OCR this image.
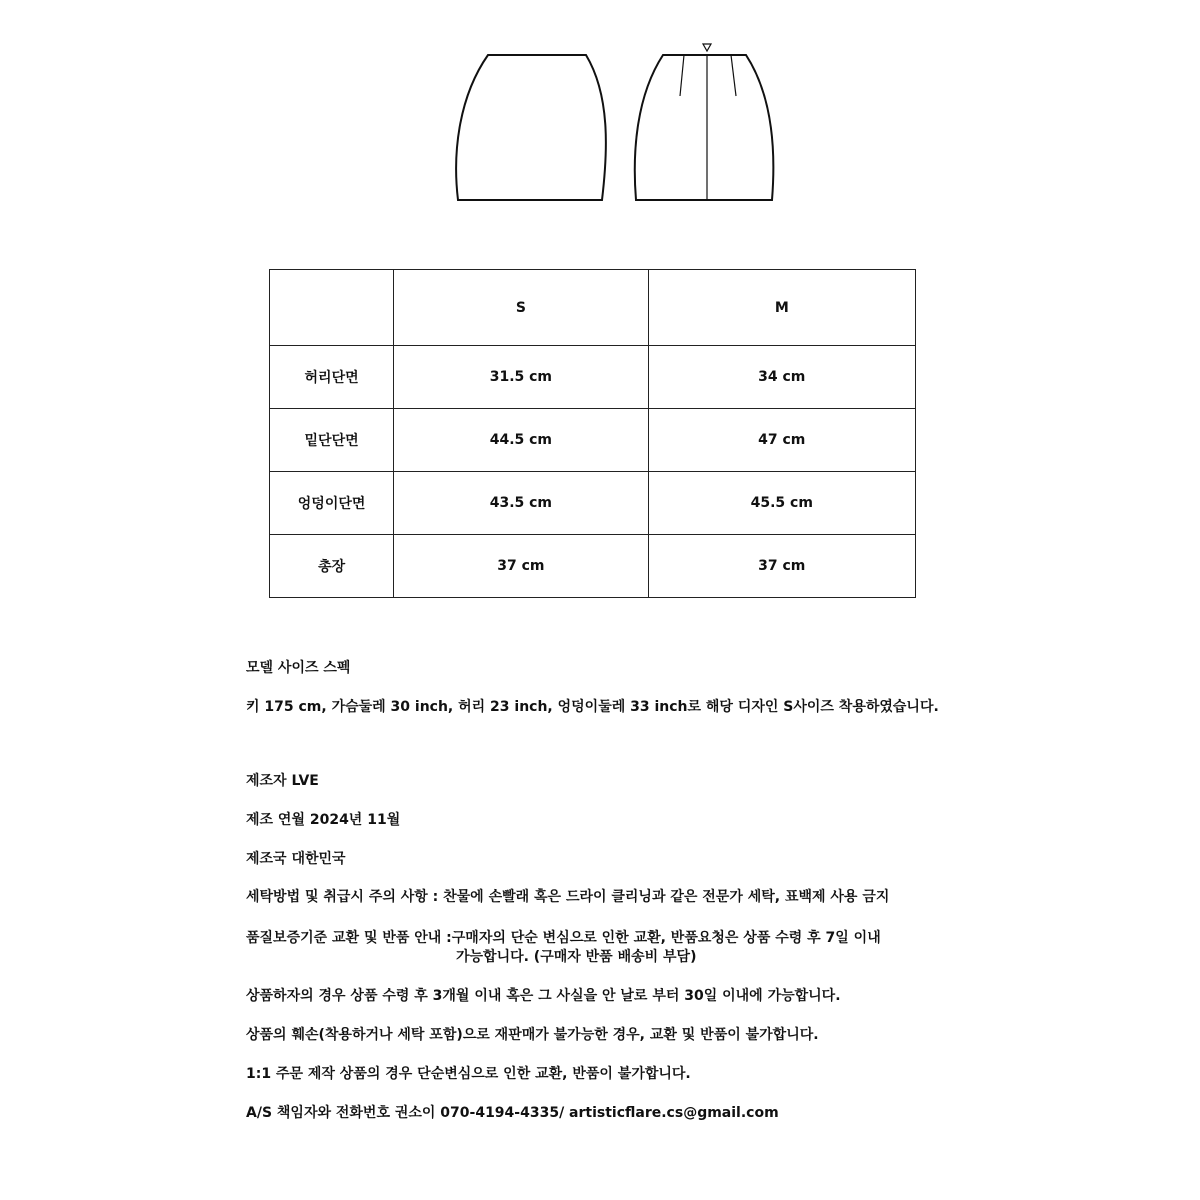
	S	M
허리단면	31.5 cm	34 cm
밑단단면	44.5 cm	47 cm
엉덩이단면	43.5 cm	45.5 cm
총장	37 cm	37 cm
모델 사이즈 스펙
키 175 cm, 가슴둘레 30 inch, 허리 23 inch, 엉덩이둘레 33 inch로 해당 디자인 S사이즈 착용하였습니다.
제조자 LVE
제조 연월 2024년 11월
제조국 대한민국
세탁방법 및 취급시 주의 사항 : 찬물에 손빨래 혹은 드라이 클리닝과 같은 전문가 세탁, 표백제 사용 금지
품질보증기준 교환 및 반품 안내 :구매자의 단순 변심으로 인한 교환, 반품요청은 상품 수령 후 7일 이내
가능합니다. (구매자 반품 배송비 부담)
상품하자의 경우 상품 수령 후 3개월 이내 혹은 그 사실을 안 날로 부터 30일 이내에 가능합니다.
상품의 훼손(착용하거나 세탁 포함)으로 재판매가 불가능한 경우, 교환 및 반품이 불가합니다.
1:1 주문 제작 상품의 경우 단순변심으로 인한 교환, 반품이 불가합니다.
A/S 책임자와 전화번호 권소이 070-4194-4335/ artisticflare.cs@gmail.com
